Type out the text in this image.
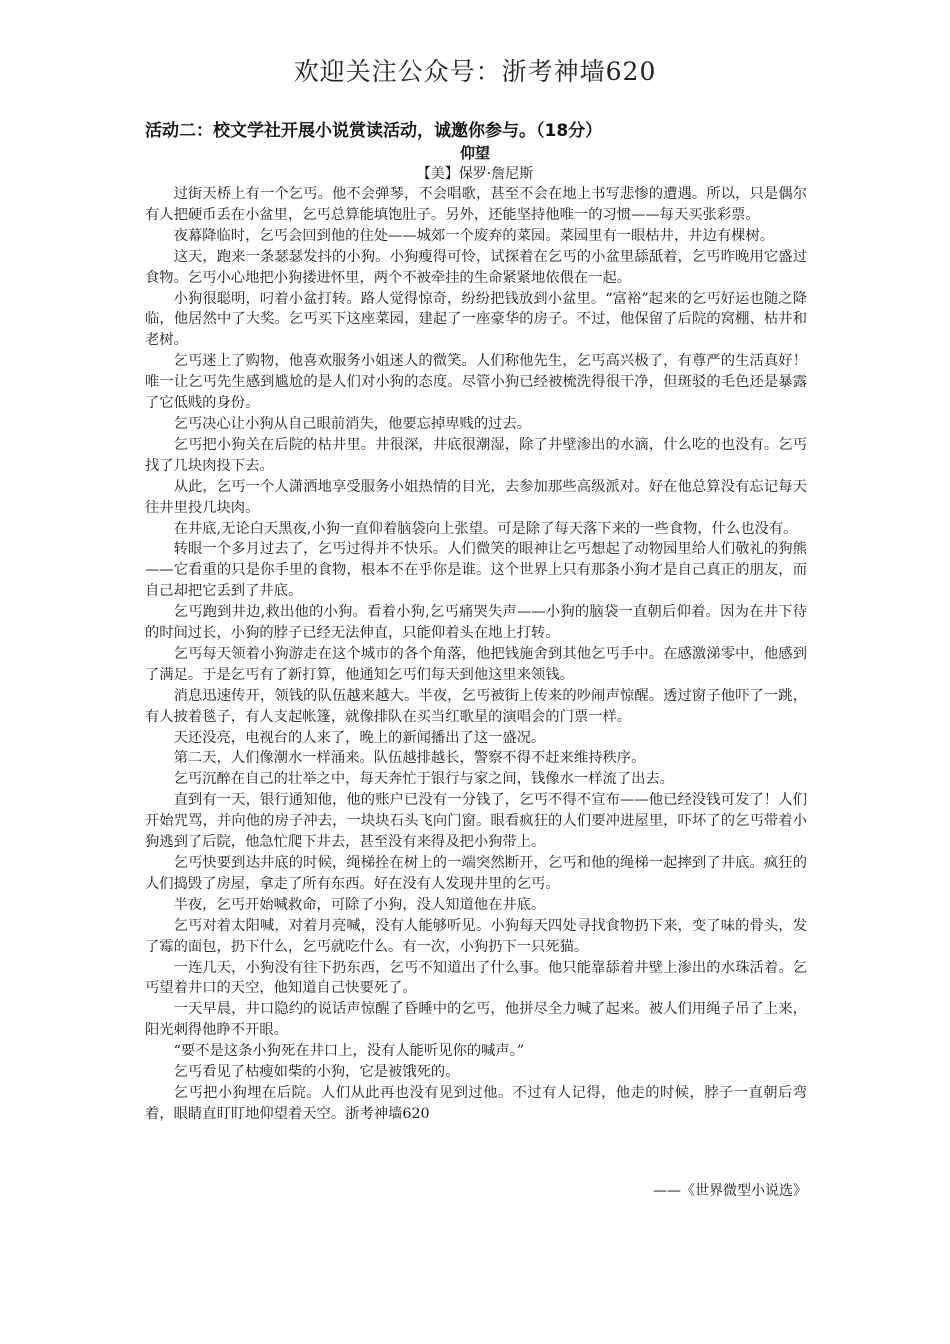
欢迎关注公众号：浙考神墙620
活动二：校文学社开展小说赏读活动，诚邀你参与。（18分）
仰望
【美】保罗·詹尼斯

过街天桥上有一个乞丐。他不会弹琴，不会唱歌，甚至不会在地上书写悲惨的遭遇。所以，只是偶尔有人把硬币丢在小盆里，乞丐总算能填饱肚子。另外，还能坚持他唯一的习惯——每天买张彩票。

夜幕降临时，乞丐会回到他的住处——城郊一个废弃的菜园。菜园里有一眼枯井，井边有棵树。

这天，跑来一条瑟瑟发抖的小狗。小狗瘦得可怜，试探着在乞丐的小盆里舔舐着，乞丐昨晚用它盛过食物。乞丐小心地把小狗搂进怀里，两个不被牵挂的生命紧紧地依偎在一起。

小狗很聪明，叼着小盆打转。路人觉得惊奇，纷纷把钱放到小盆里。“富裕”起来的乞丐好运也随之降临，他居然中了大奖。乞丐买下这座菜园，建起了一座豪华的房子。不过，他保留了后院的窝棚、枯井和老树。

乞丐迷上了购物，他喜欢服务小姐迷人的微笑。人们称他先生，乞丐高兴极了，有尊严的生活真好！唯一让乞丐先生感到尴尬的是人们对小狗的态度。尽管小狗已经被梳洗得很干净，但斑驳的毛色还是暴露了它低贱的身份。

乞丐决心让小狗从自己眼前消失，他要忘掉卑贱的过去。

乞丐把小狗关在后院的枯井里。井很深，井底很潮湿，除了井壁渗出的水滴，什么吃的也没有。乞丐找了几块肉投下去。

从此，乞丐一个人潇洒地享受服务小姐热情的目光，去参加那些高级派对。好在他总算没有忘记每天往井里投几块肉。

在井底,无论白天黑夜,小狗一直仰着脑袋向上张望。可是除了每天落下来的一些食物，什么也没有。

转眼一个多月过去了，乞丐过得并不快乐。人们微笑的眼神让乞丐想起了动物园里给人们敬礼的狗熊——它看重的只是你手里的食物，根本不在乎你是谁。这个世界上只有那条小狗才是自己真正的朋友，而自己却把它丢到了井底。

乞丐跑到井边,救出他的小狗。看着小狗,乞丐痛哭失声——小狗的脑袋一直朝后仰着。因为在井下待的时间过长，小狗的脖子已经无法伸直，只能仰着头在地上打转。

乞丐每天领着小狗游走在这个城市的各个角落，他把钱施舍到其他乞丐手中。在感激涕零中，他感到了满足。于是乞丐有了新打算，他通知乞丐们每天到他这里来领钱。

消息迅速传开，领钱的队伍越来越大。半夜，乞丐被街上传来的吵闹声惊醒。透过窗子他吓了一跳，有人披着毯子，有人支起帐篷，就像排队在买当红歌星的演唱会的门票一样。

天还没亮，电视台的人来了，晚上的新闻播出了这一盛况。

第二天，人们像潮水一样涌来。队伍越排越长，警察不得不赶来维持秩序。

乞丐沉醉在自己的壮举之中，每天奔忙于银行与家之间，钱像水一样流了出去。

直到有一天，银行通知他，他的账户已没有一分钱了，乞丐不得不宣布——他已经没钱可发了！人们开始咒骂，并向他的房子冲去，一块块石头飞向门窗。眼看疯狂的人们要冲进屋里，吓坏了的乞丐带着小狗逃到了后院，他急忙爬下井去，甚至没有来得及把小狗带上。

乞丐快要到达井底的时候，绳梯拴在树上的一端突然断开，乞丐和他的绳梯一起摔到了井底。疯狂的人们捣毁了房屋，拿走了所有东西。好在没有人发现井里的乞丐。

半夜，乞丐开始喊救命，可除了小狗，没人知道他在井底。

乞丐对着太阳喊，对着月亮喊，没有人能够听见。小狗每天四处寻找食物扔下来，变了味的骨头，发了霉的面包，扔下什么，乞丐就吃什么。有一次，小狗扔下一只死猫。

一连几天，小狗没有往下扔东西，乞丐不知道出了什么事。他只能靠舔着井壁上渗出的水珠活着。乞丐望着井口的天空，他知道自己快要死了。

一天早晨，井口隐约的说话声惊醒了昏睡中的乞丐，他拼尽全力喊了起来。被人们用绳子吊了上来，阳光刺得他睁不开眼。

“要不是这条小狗死在井口上，没有人能听见你的喊声。”

乞丐看见了枯瘦如柴的小狗，它是被饿死的。

乞丐把小狗埋在后院。人们从此再也没有见到过他。不过有人记得，他走的时候，脖子一直朝后弯着，眼睛直盯盯地仰望着天空。浙考神墙620

——《世界微型小说选》
